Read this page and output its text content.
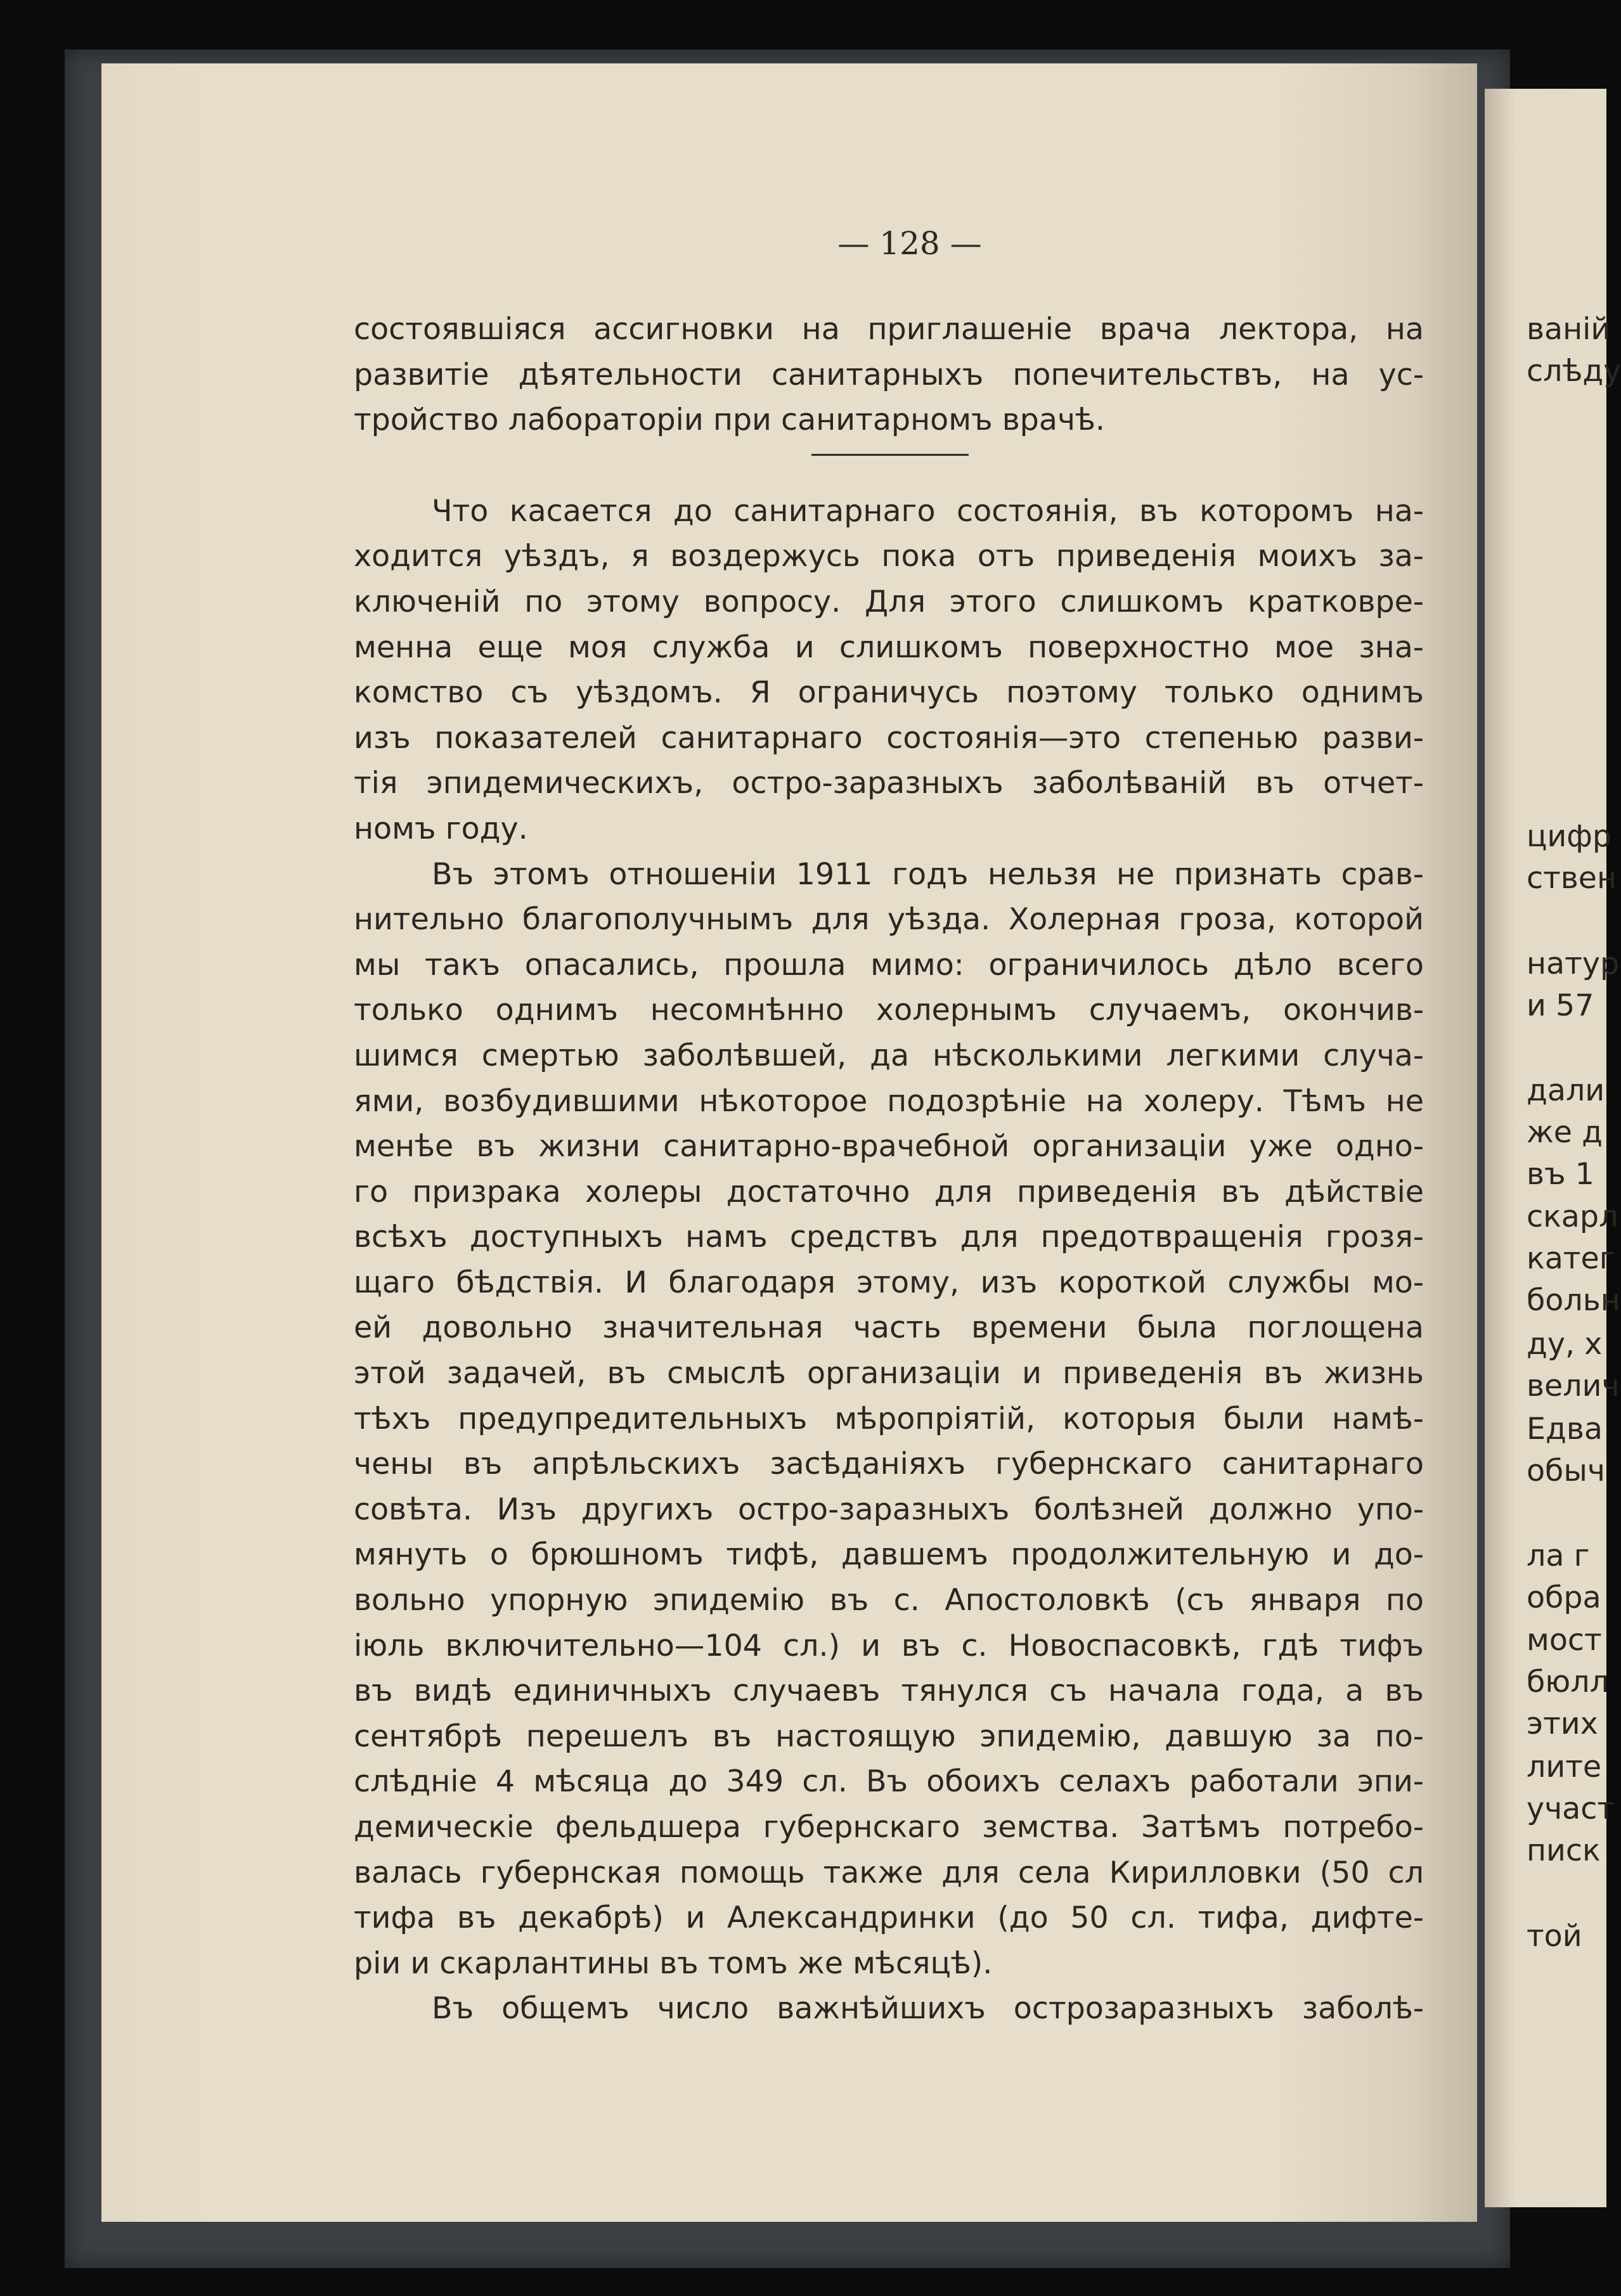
— 128 —
состоявшіяся ассигновки на приглашеніе врача лектора, на
развитіе дѣятельности санитарныхъ попечительствъ, на ус-
тройство лабораторіи при санитарномъ врачѣ.
Что касается до санитарнаго состоянія, въ которомъ на-
ходится уѣздъ, я воздержусь пока отъ приведенія моихъ за-
ключеній по этому вопросу. Для этого слишкомъ кратковре-
менна еще моя служба и слишкомъ поверхностно мое зна-
комство съ уѣздомъ. Я ограничусь поэтому только однимъ
изъ показателей санитарнаго состоянія—это степенью разви-
тія эпидемическихъ, остро-заразныхъ заболѣваній въ отчет-
номъ году.
Въ этомъ отношеніи 1911 годъ нельзя не признать срав-
нительно благополучнымъ для уѣзда. Холерная гроза, которой
мы такъ опасались, прошла мимо: ограничилось дѣло всего
только однимъ несомнѣнно холернымъ случаемъ, окончив-
шимся смертью заболѣвшей, да нѣсколькими легкими случа-
ями, возбудившими нѣкоторое подозрѣніе на холеру. Тѣмъ не
менѣе въ жизни санитарно-врачебной организаціи уже одно-
го призрака холеры достаточно для приведенія въ дѣйствіе
всѣхъ доступныхъ намъ средствъ для предотвращенія грозя-
щаго бѣдствія. И благодаря этому, изъ короткой службы мо-
ей довольно значительная часть времени была поглощена
этой задачей, въ смыслѣ организаціи и приведенія въ жизнь
тѣхъ предупредительныхъ мѣропріятій, которыя были намѣ-
чены въ апрѣльскихъ засѣданіяхъ губернскаго санитарнаго
совѣта. Изъ другихъ остро-заразныхъ болѣзней должно упо-
мянуть о брюшномъ тифѣ, давшемъ продолжительную и до-
вольно упорную эпидемію въ с. Апостоловкѣ (съ января по
іюль включительно—104 сл.) и въ с. Новоспасовкѣ, гдѣ тифъ
въ видѣ единичныхъ случаевъ тянулся съ начала года, а въ
сентябрѣ перешелъ въ настоящую эпидемію, давшую за по-
слѣдніе 4 мѣсяца до 349 сл. Въ обоихъ селахъ работали эпи-
демическіе фельдшера губернскаго земства. Затѣмъ потребо-
валась губернская помощь также для села Кирилловки (50 сл
тифа въ декабрѣ) и Александринки (до 50 сл. тифа, дифте-
ріи и скарлантины въ томъ же мѣсяцѣ).
Въ общемъ число важнѣйшихъ острозаразныхъ заболѣ-
ваній
слѣду
цифр
ствен
натур
и 57
дали
же д
въ 1
скарл
катег
больн
ду, х
велич
Едва
обыч
ла г
обра
мост
бюлл
этих
лите
участ
писк
той
